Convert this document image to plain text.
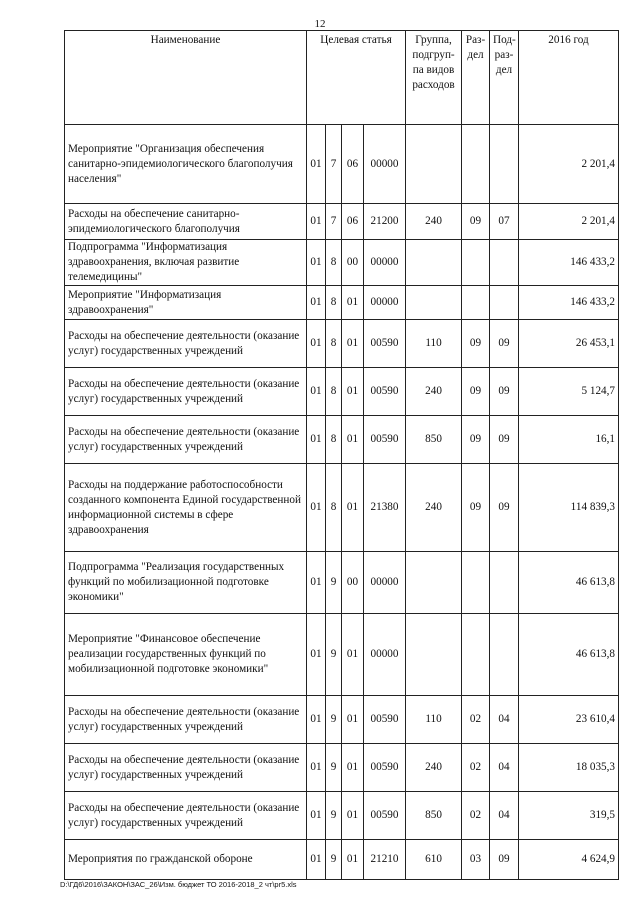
12
Наименование	Целевая статья				Группа, подгруп-па видов расходов	Раз-дел	Под-раз-дел	2016 год
Мероприятие "Организация обеспечения санитарно-эпидемиологического благополучия населения"	01	7	06	00000				2 201,4
Расходы на обеспечение санитарно-эпидемиологического благополучия	01	7	06	21200	240	09	07	2 201,4
Подпрограмма "Информатизация здравоохранения, включая развитие телемедицины"	01	8	00	00000				146 433,2
Мероприятие "Информатизация здравоохранения"	01	8	01	00000				146 433,2
Расходы на обеспечение деятельности (оказание услуг) государственных учреждений	01	8	01	00590	110	09	09	26 453,1
Расходы на обеспечение деятельности (оказание услуг) государственных учреждений	01	8	01	00590	240	09	09	5 124,7
Расходы на обеспечение деятельности (оказание услуг) государственных учреждений	01	8	01	00590	850	09	09	16,1
Расходы на поддержание работоспособности созданного компонента Единой государственной информационной системы в сфере здравоохранения	01	8	01	21380	240	09	09	114 839,3
Подпрограмма "Реализация государственных функций по мобилизационной подготовке экономики"	01	9	00	00000				46 613,8
Мероприятие "Финансовое обеспечение реализации государственных функций по мобилизационной подготовке экономики"	01	9	01	00000				46 613,8
Расходы на обеспечение деятельности (оказание услуг) государственных учреждений	01	9	01	00590	110	02	04	23 610,4
Расходы на обеспечение деятельности (оказание услуг) государственных учреждений	01	9	01	00590	240	02	04	18 035,3
Расходы на обеспечение деятельности (оказание услуг) государственных учреждений	01	9	01	00590	850	02	04	319,5
Мероприятия по гражданской обороне	01	9	01	21210	610	03	09	4 624,9
D:\ГД6\2016\ЗАКОН\ЗАС_26\Изм. бюджет ТО 2016-2018_2 чт\pr5.xls
